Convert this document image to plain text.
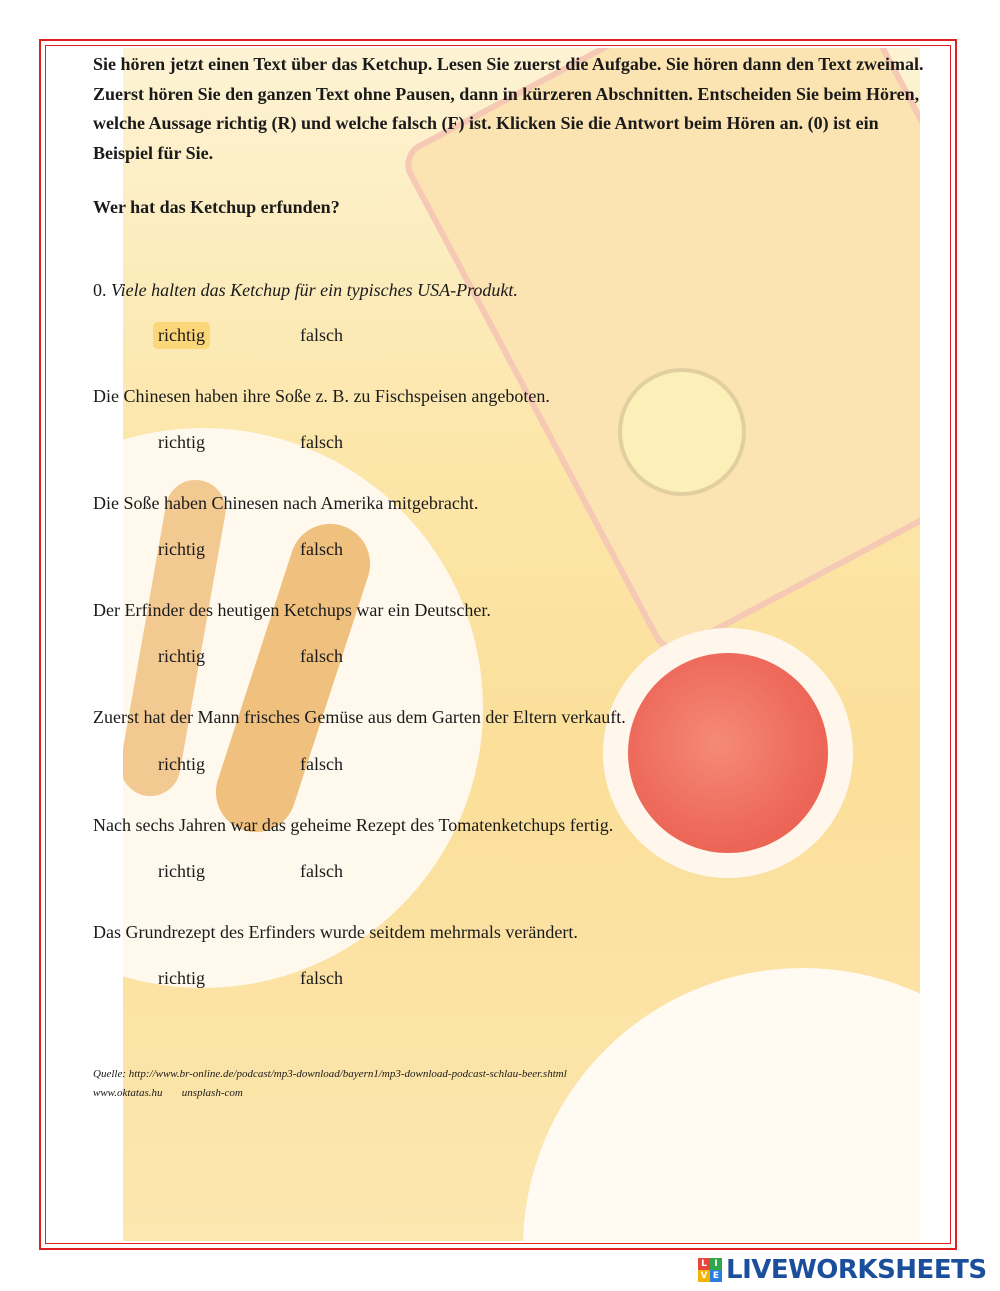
Sie hören jetzt einen Text über das Ketchup. Lesen Sie zuerst die Aufgabe. Sie hören dann den Text zweimal. Zuerst hören Sie den ganzen Text ohne Pausen, dann in kürzeren Abschnitten. Entscheiden Sie beim Hören, welche Aussage richtig (R) und welche falsch (F) ist. Klicken Sie die Antwort beim Hören an. (0) ist ein Beispiel für Sie.

Wer hat das Ketchup erfunden?
0. Viele halten das Ketchup für ein typisches USA-Produkt.
richtig	falsch
Die Chinesen haben ihre Soße z. B. zu Fischspeisen angeboten.
richtig	falsch
Die Soße haben Chinesen nach Amerika mitgebracht.
richtig	falsch
Der Erfinder des heutigen Ketchups war ein Deutscher.
richtig	falsch
Zuerst hat der Mann frisches Gemüse aus dem Garten der Eltern verkauft.
richtig	falsch
Nach sechs Jahren war das geheime Rezept des Tomatenketchups fertig.
richtig	falsch
Das Grundrezept des Erfinders wurde seitdem mehrmals verändert.
richtig	falsch
Quelle: http://www.br-online.de/podcast/mp3-download/bayern1/mp3-download-podcast-schlau-beer.shtml
www.oktatas.hu       unsplash-com
L I
V E LIVEWORKSHEETS
